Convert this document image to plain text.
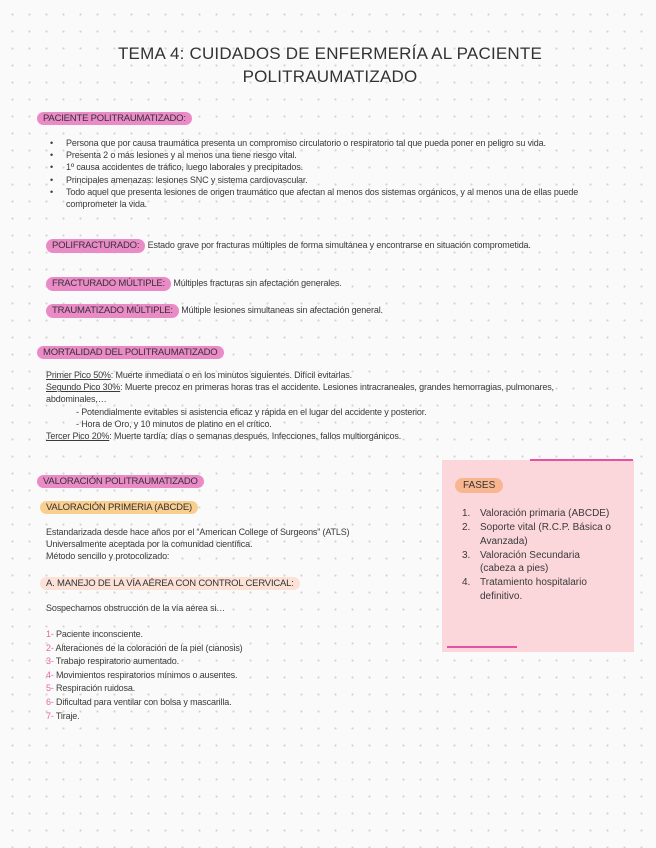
TEMA 4: CUIDADOS DE ENFERMERÍA AL PACIENTE
POLITRAUMATIZADO
PACIENTE POLITRAUMATIZADO:
• Persona que por causa traumática presenta un compromiso circulatorio o respiratorio tal que pueda poner en peligro su vida.
• Presenta 2 o más lesiones y al menos una tiene riesgo vital.
• 1º causa accidentes de tráfico, luego laborales y precipitados.
• Principales amenazas: lesiones SNC y sistema cardiovascular.
• Todo aquel que presenta lesiones de origen traumático que afectan al menos dos sistemas orgánicos, y al menos una de ellas puede comprometer la vida.
POLIFRACTURADO: Estado grave por fracturas múltiples de forma simultánea y encontrarse en situación comprometida.
FRACTURADO MÚLTIPLE: Múltiples fracturas sin afectación generales.
TRAUMATIZADO MÚLTIPLE: Múltiple lesiones simultaneas sin afectación general.
MORTALIDAD DEL POLITRAUMATIZADO
Primer Pico 50%: Muerte inmediata o en los minutos siguientes. Difícil evitarlas.
Segundo Pico 30%: Muerte precoz en primeras horas tras el accidente. Lesiones intracraneales, grandes hemorragias, pulmonares, abdominales,…
- Potendialmente evitables si asistencia eficaz y rápida en el lugar del accidente y posterior.
- Hora de Oro, y 10 minutos de platino en el crítico.
Tercer Pico 20%: Muerte tardía: días o semanas después. Infecciones, fallos multiorgánicos.
VALORACIÓN POLITRAUMATIZADO
VALORACIÓN PRIMERIA (ABCDE)
Estandarizada desde hace años por el “American College of Surgeons” (ATLS)
Universalmente aceptada por la comunidad científica.
Método sencillo y protocolizado:
A. MANEJO DE LA VÍA AÉREA CON CONTROL CERVICAL:
Sospechamos obstrucción de la vía aérea si…
1- Paciente inconsciente.
2- Alteraciones de la coloración de la piel (cianosis)
3- Trabajo respiratorio aumentado.
4- Movimientos respiratorios mínimos o ausentes.
5- Respiración ruidosa.
6- Dificultad para ventilar con bolsa y mascarilla.
7- Tiraje.
FASES
1. Valoración primaria (ABCDE)
2. Soporte vital (R.C.P. Básica o Avanzada)
3. Valoración Secundaria (cabeza a pies)
4. Tratamiento hospitalario definitivo.
